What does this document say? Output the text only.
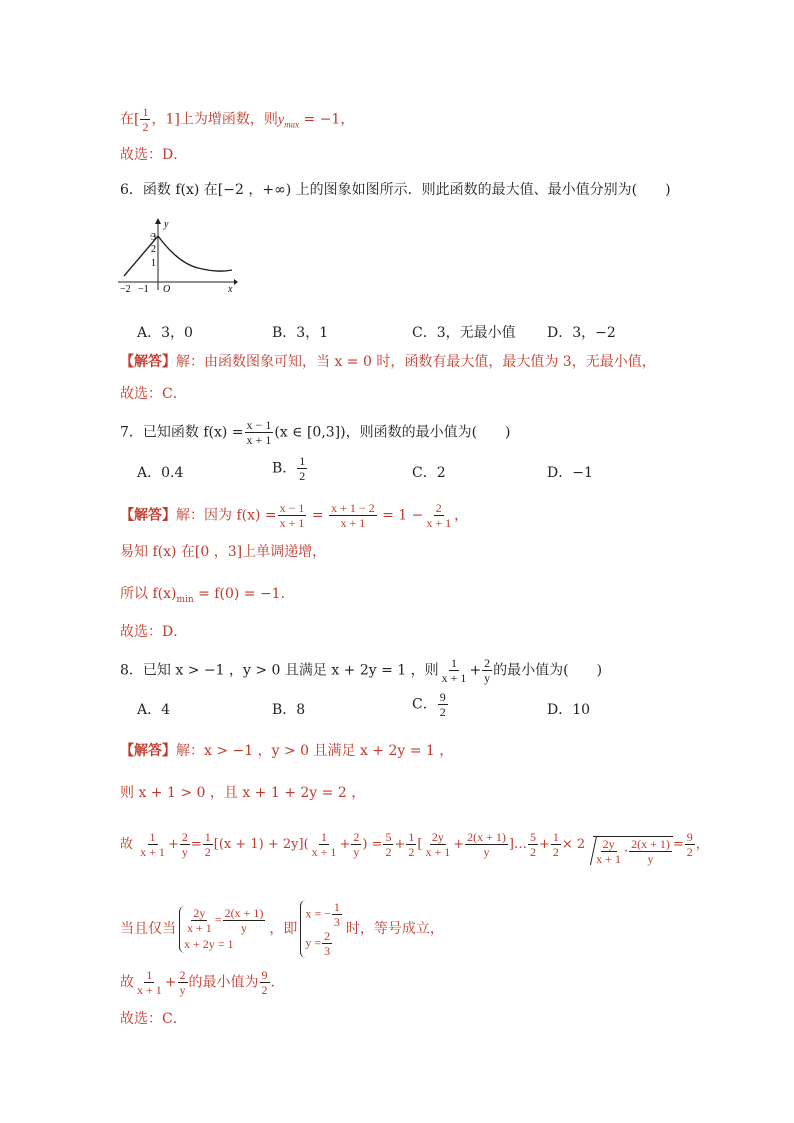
在[ $\frac{1}{2}$ ，1]上为增函数，则$y_{max} = -1$，
故选：D．
6．函数 f(x) 在[−2 ，+∞) 上的图象如图所示．则此函数的最大值、最小值分别为(　　)
3
2
1
−2 −1 O	x
y
A．3，0	B．3，1	C．3，无最小值 D．3，−2
【解答】解：由函数图象可知，当 x = 0 时，函数有最大值，最大值为 3，无最小值，
故选：C．
7．已知函数 $f(x) = \frac{x - 1}{x + 1} (x$ ∈ [0,3])，则函数的最小值为(　　)
A．0.4	B． $\frac{1}{2}$	C．2	D．−1
【解答】解：因为 $f(x) = \frac{x - 1}{x + 1} = \frac{x + 1 - 2}{x + 1} = 1 - \frac{2}{x + 1}$ ，
易知 f(x) 在[0 ，3]上单调递增，
所以 $f(x)_{min} = f(0) = -1$．
故选：D．
8．已知 x > −1 ，y > 0 且满足 x + 2y = 1 ，则 $\frac{1}{x + 1} + \frac{2}{y}$ 的最小值为(　　)
A．4	B．8	C． $\frac{9}{2}$	D．10
【解答】解：x > −1 ，y > 0 且满足 x + 2y = 1 ，
则 x + 1 > 0 ，且 x + 1 + 2y = 2 ，
故 $\frac{1}{x + 1} + \frac{2}{y} = \frac{1}{2} [(x + 1) + 2y]( \frac{1}{x + 1} + \frac{2}{y}$ ) = $\frac{5}{2} + \frac{1}{2}$ [ $\frac{2y}{x + 1} + \frac{2(x + 1)}{y}$ ]… $\frac{5}{2} + \frac{1}{2} \times 2 \frac{2y}{x + 1} \cdot \frac{2(x + 1)}{y} = \frac{9}{2}$ ，
当且仅当 $\frac{2y}{x + 1} = \frac{2(x + 1)}{y}$

x + 2y = 1，即x = − $\frac{1}{3}$

$y = \frac{2}{3}$ 时，等号成立，
故 $\frac{1}{x + 1} + \frac{2}{y}$ 的最小值为 $\frac{9}{2}$ ．
故选：C．
